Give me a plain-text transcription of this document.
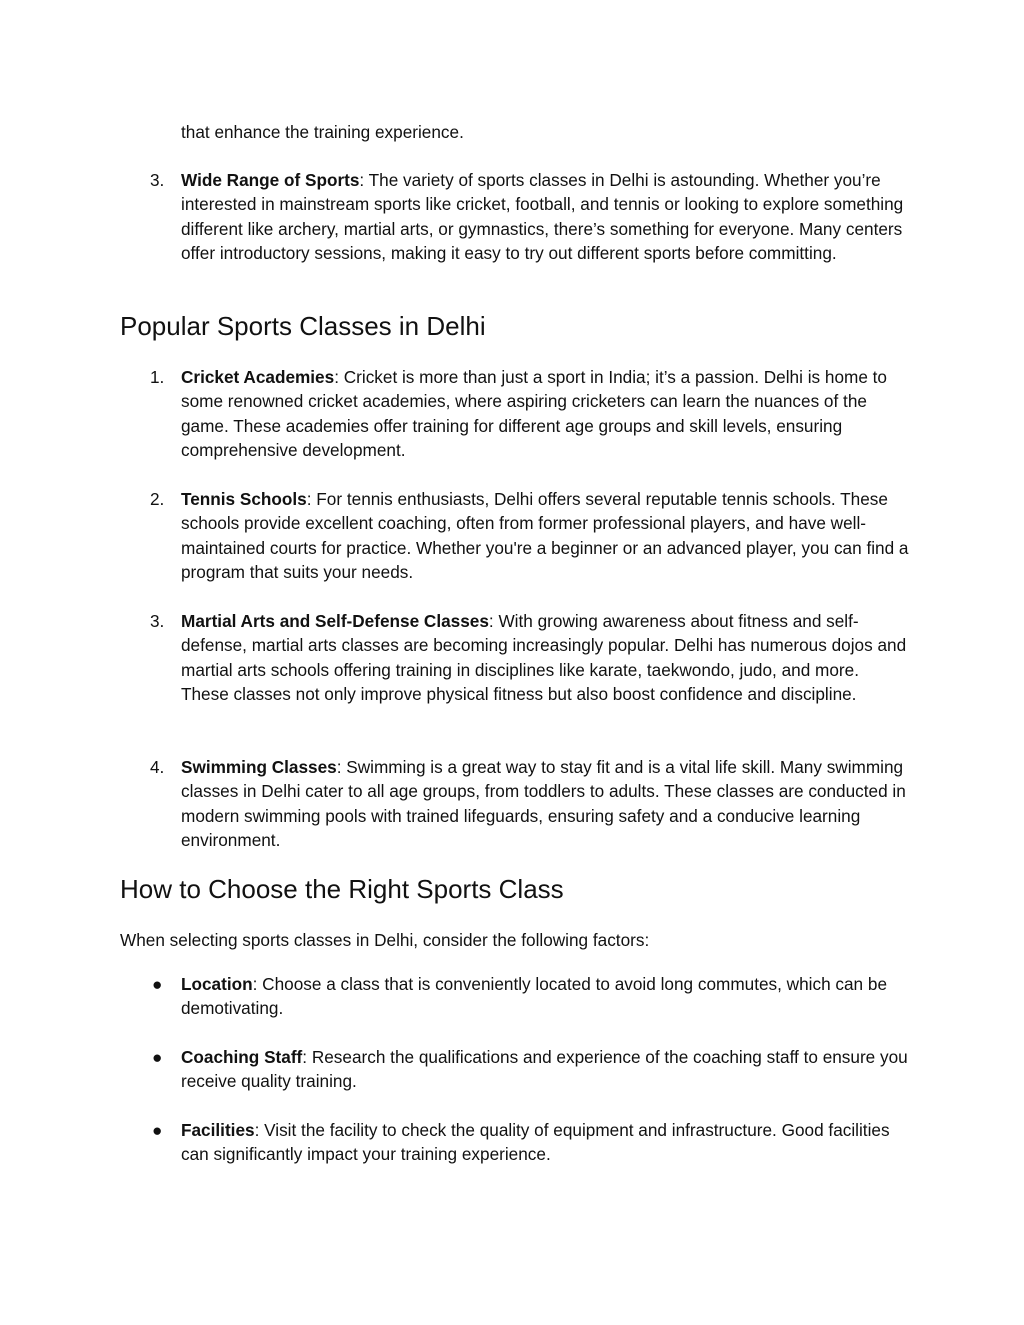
that enhance the training experience.

3. Wide Range of Sports: The variety of sports classes in Delhi is astounding. Whether you’re interested in mainstream sports like cricket, football, and tennis or looking to explore something different like archery, martial arts, or gymnastics, there’s something for everyone. Many centers offer introductory sessions, making it easy to try out different sports before committing.
Popular Sports Classes in Delhi
1. Cricket Academies: Cricket is more than just a sport in India; it’s a passion. Delhi is home to some renowned cricket academies, where aspiring cricketers can learn the nuances of the game. These academies offer training for different age groups and skill levels, ensuring comprehensive development.
2. Tennis Schools: For tennis enthusiasts, Delhi offers several reputable tennis schools. These schools provide excellent coaching, often from former professional players, and have well-maintained courts for practice. Whether you're a beginner or an advanced player, you can find a program that suits your needs.
3. Martial Arts and Self-Defense Classes: With growing awareness about fitness and self-defense, martial arts classes are becoming increasingly popular. Delhi has numerous dojos and martial arts schools offering training in disciplines like karate, taekwondo, judo, and more. These classes not only improve physical fitness but also boost confidence and discipline.
4. Swimming Classes: Swimming is a great way to stay fit and is a vital life skill. Many swimming classes in Delhi cater to all age groups, from toddlers to adults. These classes are conducted in modern swimming pools with trained lifeguards, ensuring safety and a conducive learning environment.
How to Choose the Right Sports Class

When selecting sports classes in Delhi, consider the following factors:

●	Location: Choose a class that is conveniently located to avoid long commutes, which can be demotivating.
●	Coaching Staff: Research the qualifications and experience of the coaching staff to ensure you receive quality training.
●	Facilities: Visit the facility to check the quality of equipment and infrastructure. Good facilities can significantly impact your training experience.
